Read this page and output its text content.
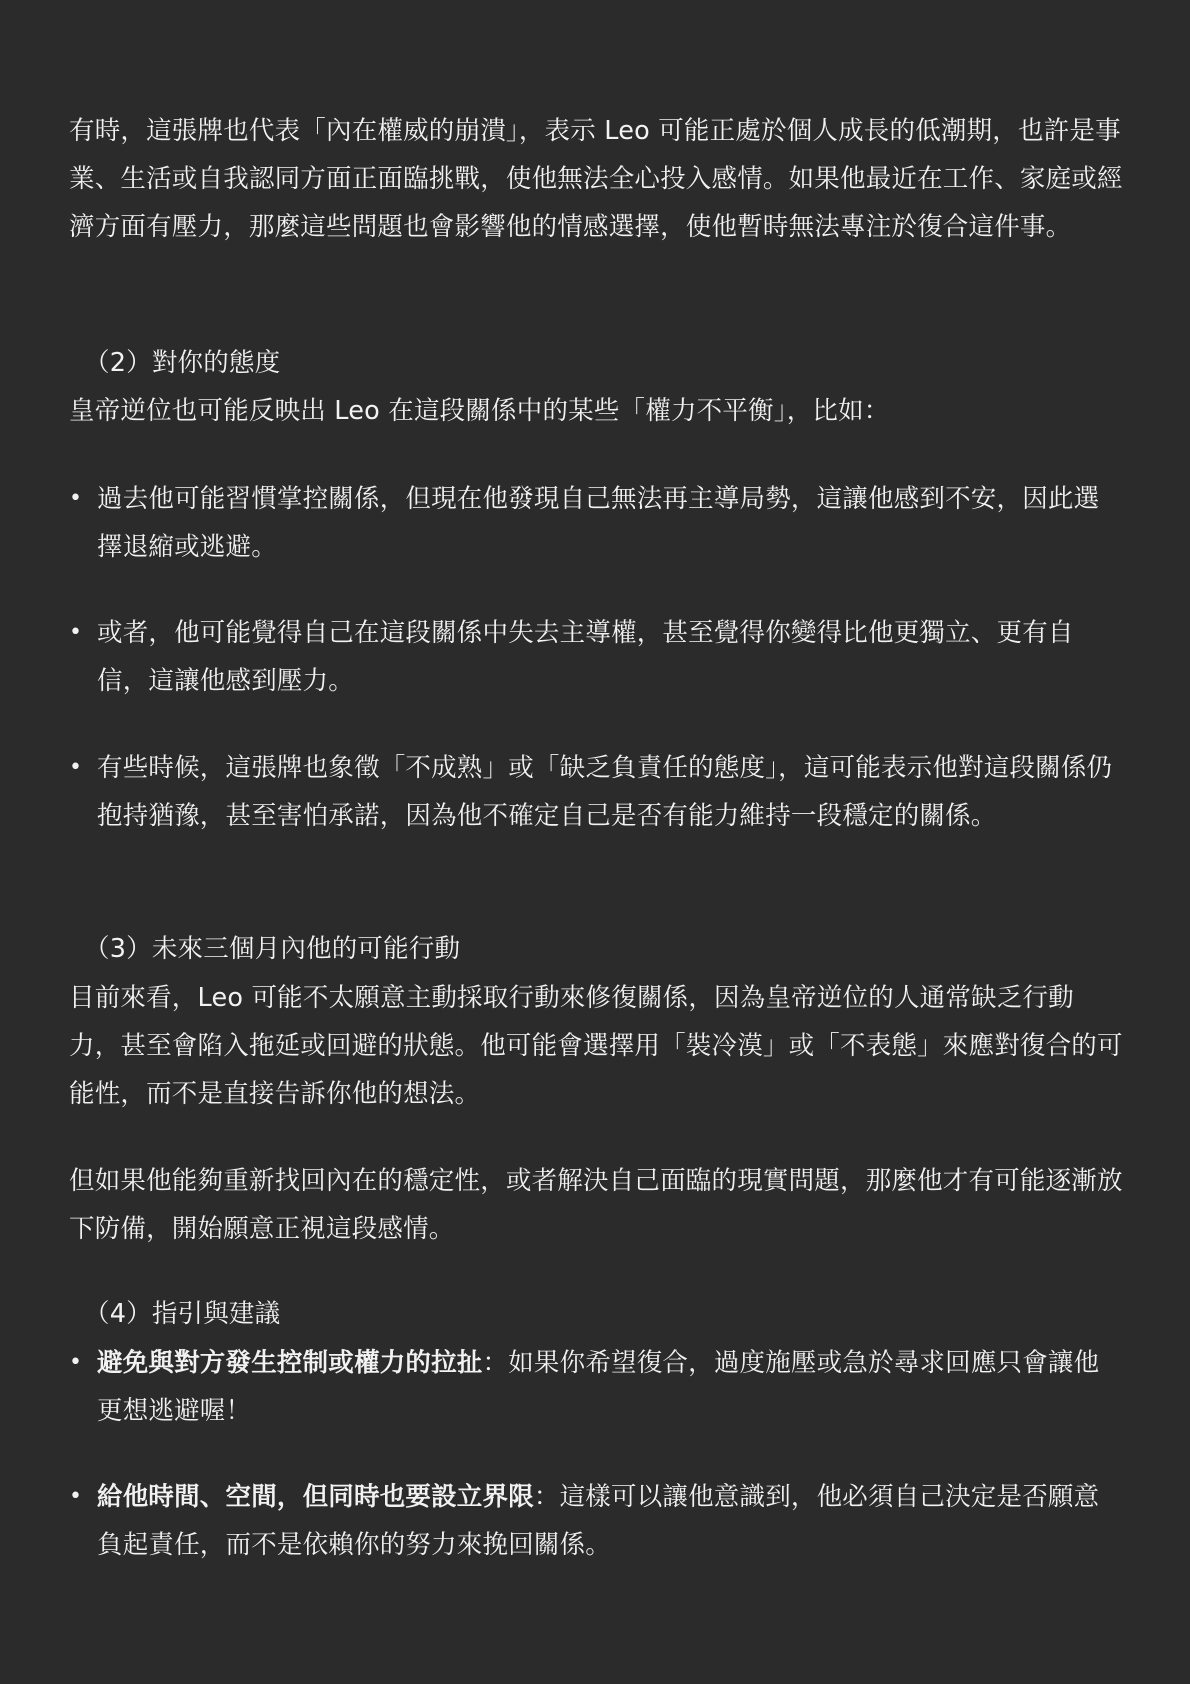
有時，這張牌也代表「內在權威的崩潰」，表示 Leo 可能正處於個人成長的低潮期，也許是事業、生活或自我認同方面正面臨挑戰，使他無法全心投入感情。如果他最近在工作、家庭或經濟方面有壓力，那麼這些問題也會影響他的情感選擇，使他暫時無法專注於復合這件事。

（2）對你的態度

皇帝逆位也可能反映出 Leo 在這段關係中的某些「權力不平衡」，比如：

• 過去他可能習慣掌控關係，但現在他發現自己無法再主導局勢，這讓他感到不安，因此選擇退縮或逃避。
• 或者，他可能覺得自己在這段關係中失去主導權，甚至覺得你變得比他更獨立、更有自信，這讓他感到壓力。
• 有些時候，這張牌也象徵「不成熟」或「缺乏負責任的態度」，這可能表示他對這段關係仍抱持猶豫，甚至害怕承諾，因為他不確定自己是否有能力維持一段穩定的關係。
（3）未來三個月內他的可能行動

目前來看，Leo 可能不太願意主動採取行動來修復關係，因為皇帝逆位的人通常缺乏行動力，甚至會陷入拖延或回避的狀態。他可能會選擇用「裝冷漠」或「不表態」來應對復合的可能性，而不是直接告訴你他的想法。

但如果他能夠重新找回內在的穩定性，或者解決自己面臨的現實問題，那麼他才有可能逐漸放下防備，開始願意正視這段感情。

（4）指引與建議
• 避免與對方發生控制或權力的拉扯：如果你希望復合，過度施壓或急於尋求回應只會讓他更想逃避喔！
• 給他時間、空間，但同時也要設立界限：這樣可以讓他意識到，他必須自己決定是否願意負起責任，而不是依賴你的努力來挽回關係。
